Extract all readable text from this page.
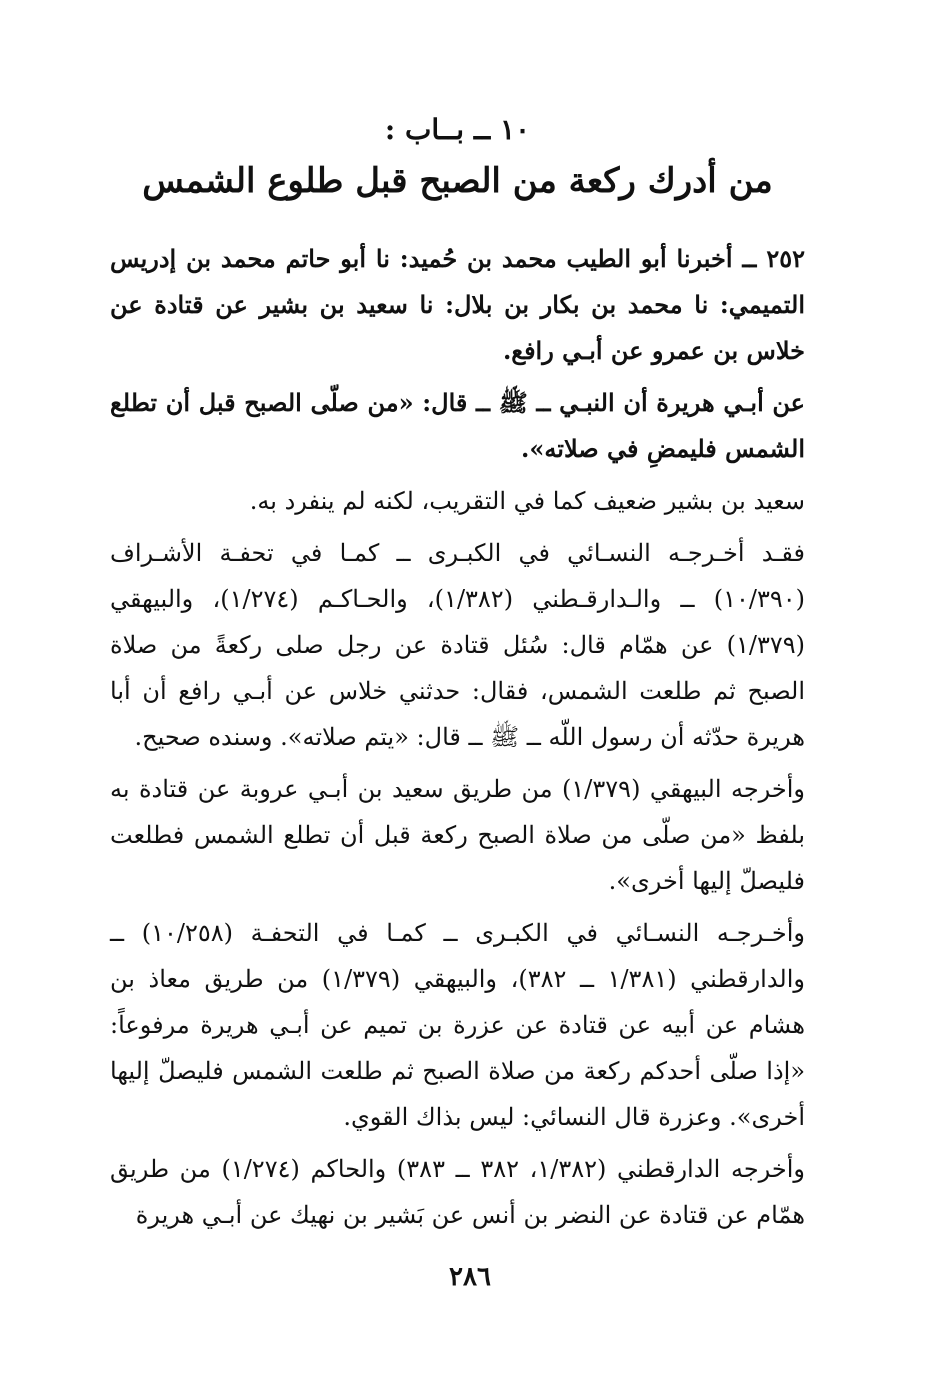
١٠ ــ بــاب :
من أدرك ركعة من الصبح قبل طلوع الشمس

٢٥٢ ــ أخبرنا أبو الطيب محمد بن حُميد: نا أبو حاتم محمد بن إدريس التميمي: نا محمد بن بكار بن بلال: نا سعيد بن بشير عن قتادة عن خلاس بن عمرو عن أبـي رافع.

عن أبـي هريرة أن النبـي ــ ﷺ ــ قال: «من صلّى الصبح قبل أن تطلع الشمس فليمضِ في صلاته».

سعيد بن بشير ضعيف كما في التقريب، لكنه لم ينفرد به.

فقـد أخـرجـه النسـائي في الكبـرى ــ كمـا في تحفـة الأشـراف (١٠/٣٩٠) ــ والـدارقـطني (١/٣٨٢)، والحـاكـم (١/٢٧٤)، والبيهقي (١/٣٧٩) عن همّام قال: سُئل قتادة عن رجل صلى ركعةً من صلاة الصبح ثم طلعت الشمس، فقال: حدثني خلاس عن أبـي رافع أن أبا هريرة حدّثه أن رسول اللّه ــ ﷺ ــ قال: «يتم صلاته». وسنده صحيح.

وأخرجه البيهقي (١/٣٧٩) من طريق سعيد بن أبـي عروبة عن قتادة به بلفظ «من صلّى من صلاة الصبح ركعة قبل أن تطلع الشمس فطلعت فليصلّ إليها أخرى».

وأخـرجـه النسـائي في الكبـرى ــ كمـا في التحفـة (١٠/٢٥٨) ــ والدارقطني (١/٣٨١ ــ ٣٨٢)، والبيهقي (١/٣٧٩) من طريق معاذ بن هشام عن أبيه عن قتادة عن عزرة بن تميم عن أبـي هريرة مرفوعاً: «إذا صلّى أحدكم ركعة من صلاة الصبح ثم طلعت الشمس فليصلّ إليها أخرى». وعزرة قال النسائي: ليس بذاك القوي.

وأخرجه الدارقطني (١/٣٨٢، ٣٨٢ ــ ٣٨٣) والحاكم (١/٢٧٤) من طريق همّام عن قتادة عن النضر بن أنس عن بَشير بن نهيك عن أبـي هريرة

٢٨٦
